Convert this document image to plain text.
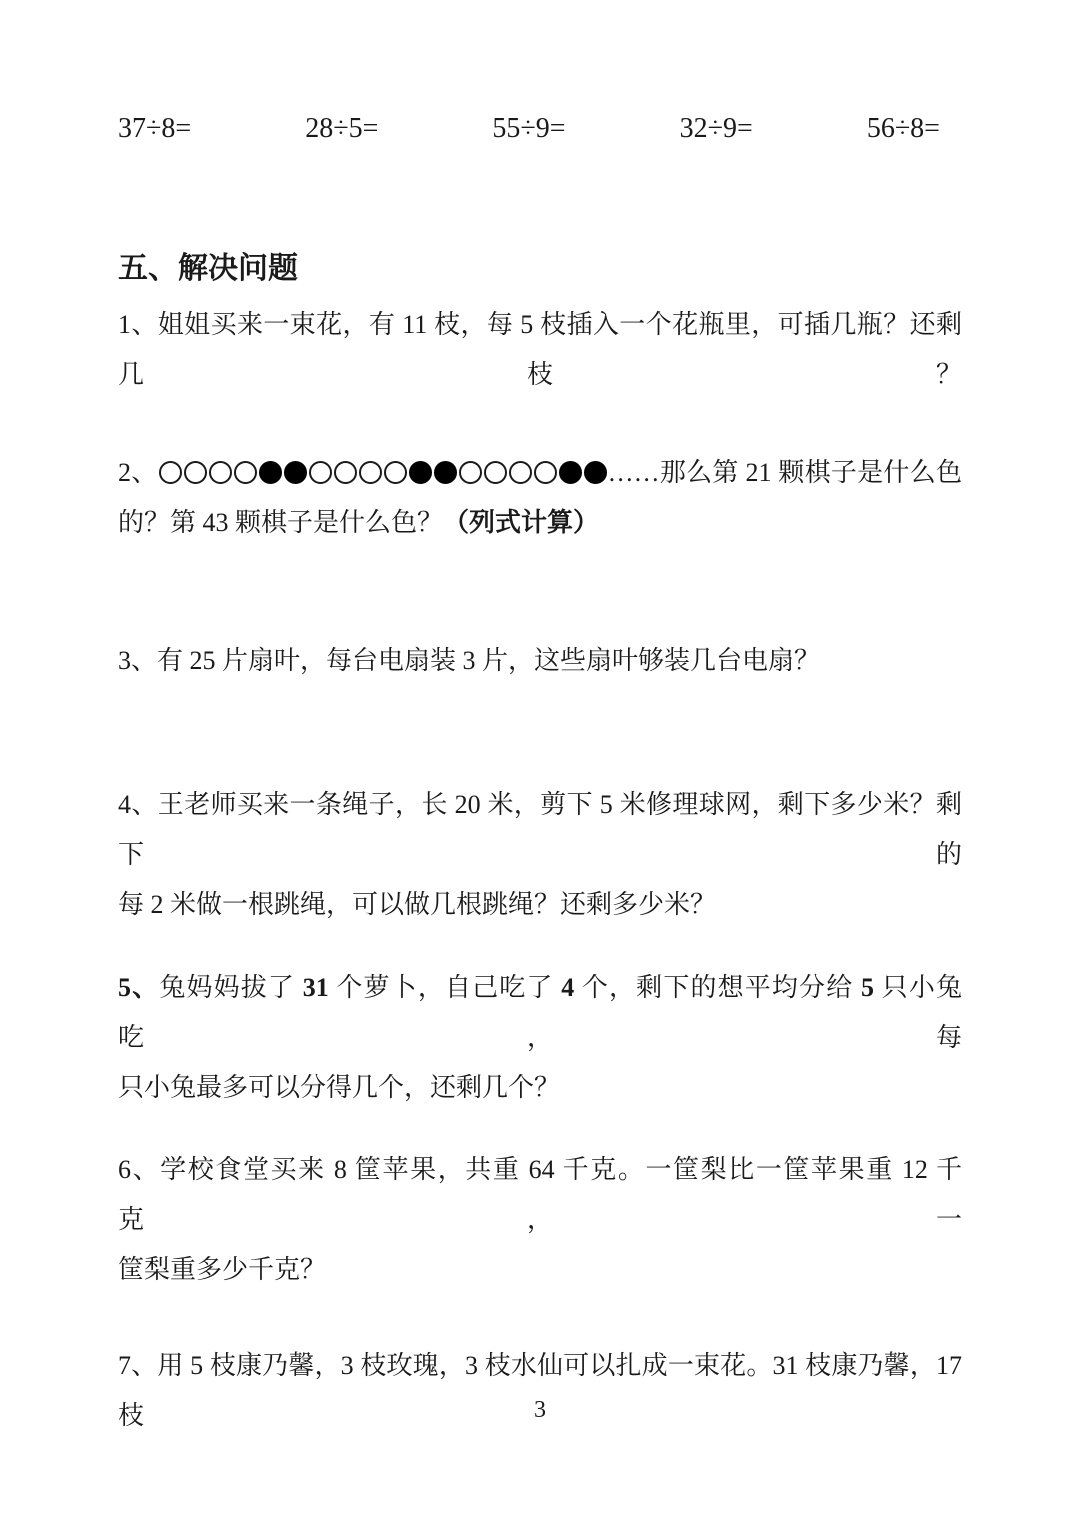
37÷8=	28÷5=	55÷9=	32÷9=	56÷8=
五、解决问题
1、姐姐买来一束花，有 11 枝，每 5 枝插入一个花瓶里，可插几瓶？还剩几枝？
2、	……那么第 21 颗棋子是什么色
的？第 43 颗棋子是什么色？（列式计算）
3、有 25 片扇叶，每台电扇装 3 片，这些扇叶够装几台电扇？
4、王老师买来一条绳子，长 20 米，剪下 5 米修理球网，剩下多少米？剩下的
每 2 米做一根跳绳，可以做几根跳绳？还剩多少米？
5、兔妈妈拔了 31 个萝卜，自己吃了 4 个，剩下的想平均分给 5 只小兔吃，每
只小兔最多可以分得几个，还剩几个？
6、学校食堂买来 8 筐苹果，共重 64 千克。一筐梨比一筐苹果重 12 千克，一
筐梨重多少千克？
7、用 5 枝康乃馨，3 枝玫瑰，3 枝水仙可以扎成一束花。31 枝康乃馨，17 枝	3
